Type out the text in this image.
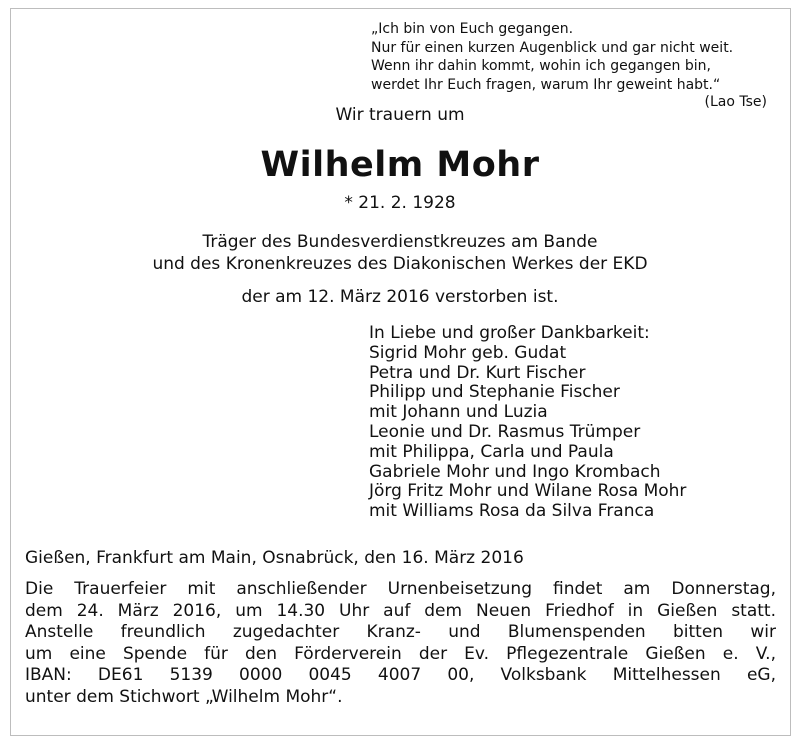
„Ich bin von Euch gegangen.
Nur für einen kurzen Augenblick und gar nicht weit.
Wenn ihr dahin kommt, wohin ich gegangen bin,
werdet Ihr Euch fragen, warum Ihr geweint habt.“
(Lao Tse)
Wir trauern um
Wilhelm Mohr
* 21. 2. 1928
Träger des Bundesverdienstkreuzes am Bande
und des Kronenkreuzes des Diakonischen Werkes der EKD
der am 12. März 2016 verstorben ist.
In Liebe und großer Dankbarkeit:
Sigrid Mohr geb. Gudat
Petra und Dr. Kurt Fischer
Philipp und Stephanie Fischer
mit Johann und Luzia
Leonie und Dr. Rasmus Trümper
mit Philippa, Carla und Paula
Gabriele Mohr und Ingo Krombach
Jörg Fritz Mohr und Wilane Rosa Mohr
mit Williams Rosa da Silva Franca
Gießen, Frankfurt am Main, Osnabrück, den 16. März 2016
Die Trauerfeier mit anschließender Urnenbeisetzung findet am Donnerstag,
dem 24. März 2016, um 14.30 Uhr auf dem Neuen Friedhof in Gießen statt.
Anstelle freundlich zugedachter Kranz- und Blumenspenden bitten wir
um eine Spende für den Förderverein der Ev. Pflegezentrale Gießen e. V.,
IBAN: DE61 5139 0000 0045 4007 00, Volksbank Mittelhessen eG,
unter dem Stichwort „Wilhelm Mohr“.
